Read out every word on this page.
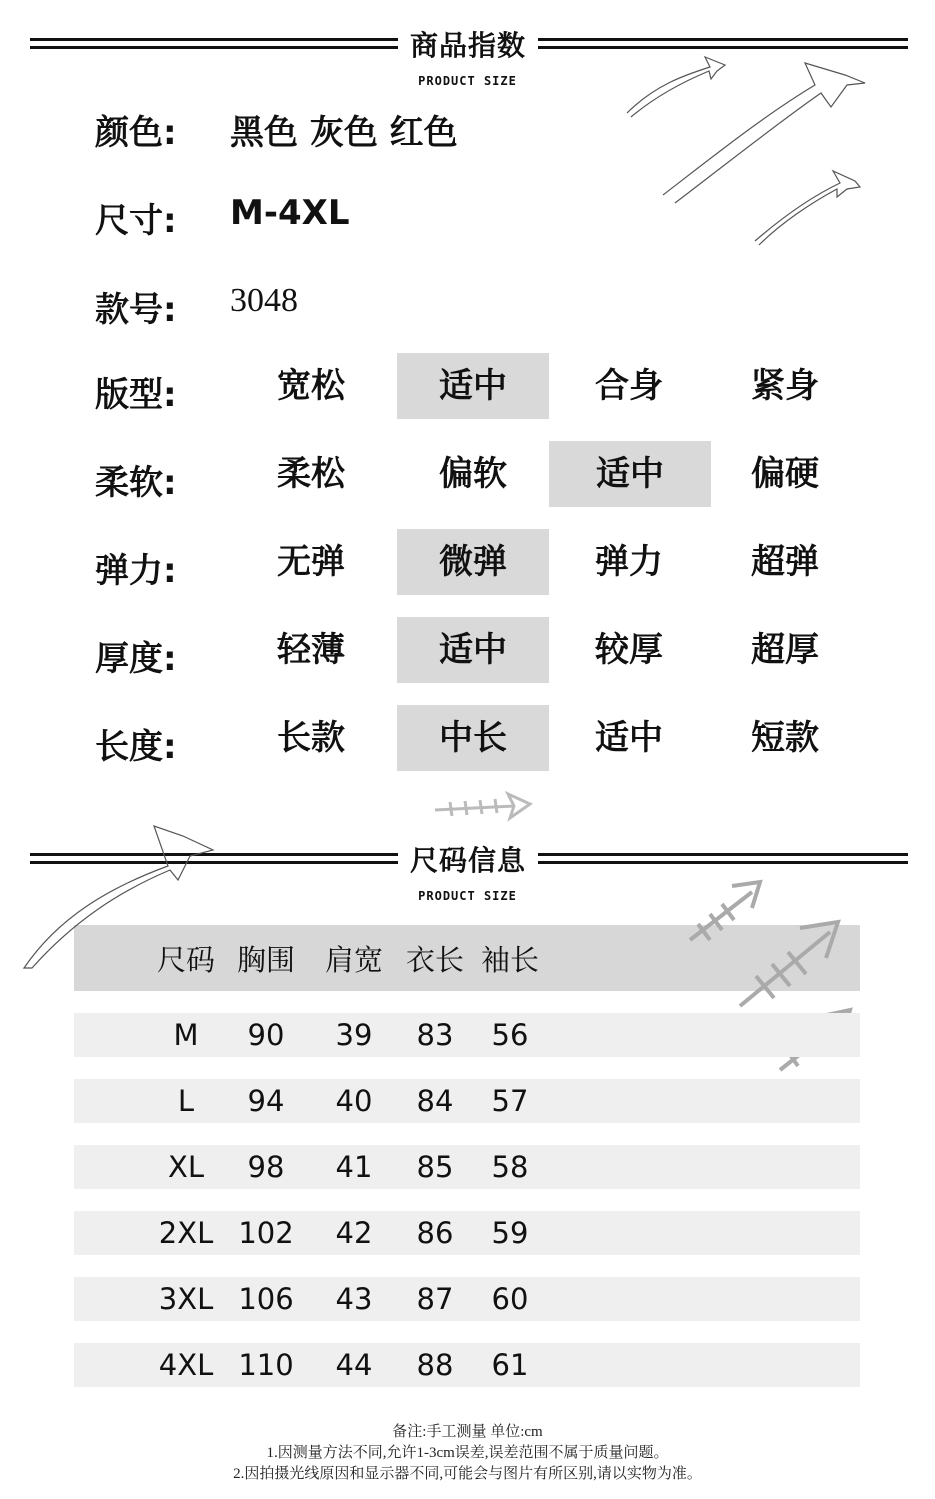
商品指数
PRODUCT SIZE
颜色: 黑色 灰色 红色
尺寸: M-4XL
款号: 3048
版型:	宽松	适中	合身	紧身
柔软:	柔松	偏软	适中	偏硬
弹力:	无弹	微弹	弹力	超弹
厚度:	轻薄	适中	较厚	超厚
长度:	长款	中长	适中	短款
尺码信息
PRODUCT SIZE
尺码 胸围	肩宽 衣长 袖长
M	90	39	83	56
L	94	40	84	57
XL	98	41	85	58
2XL 102	42	86	59
3XL 106	43	87	60
4XL 110	44	88	61
备注:手工测量 单位:cm
1.因测量方法不同,允许1-3cm误差,误差范围不属于质量问题。
2.因拍摄光线原因和显示器不同,可能会与图片有所区别,请以实物为准。
